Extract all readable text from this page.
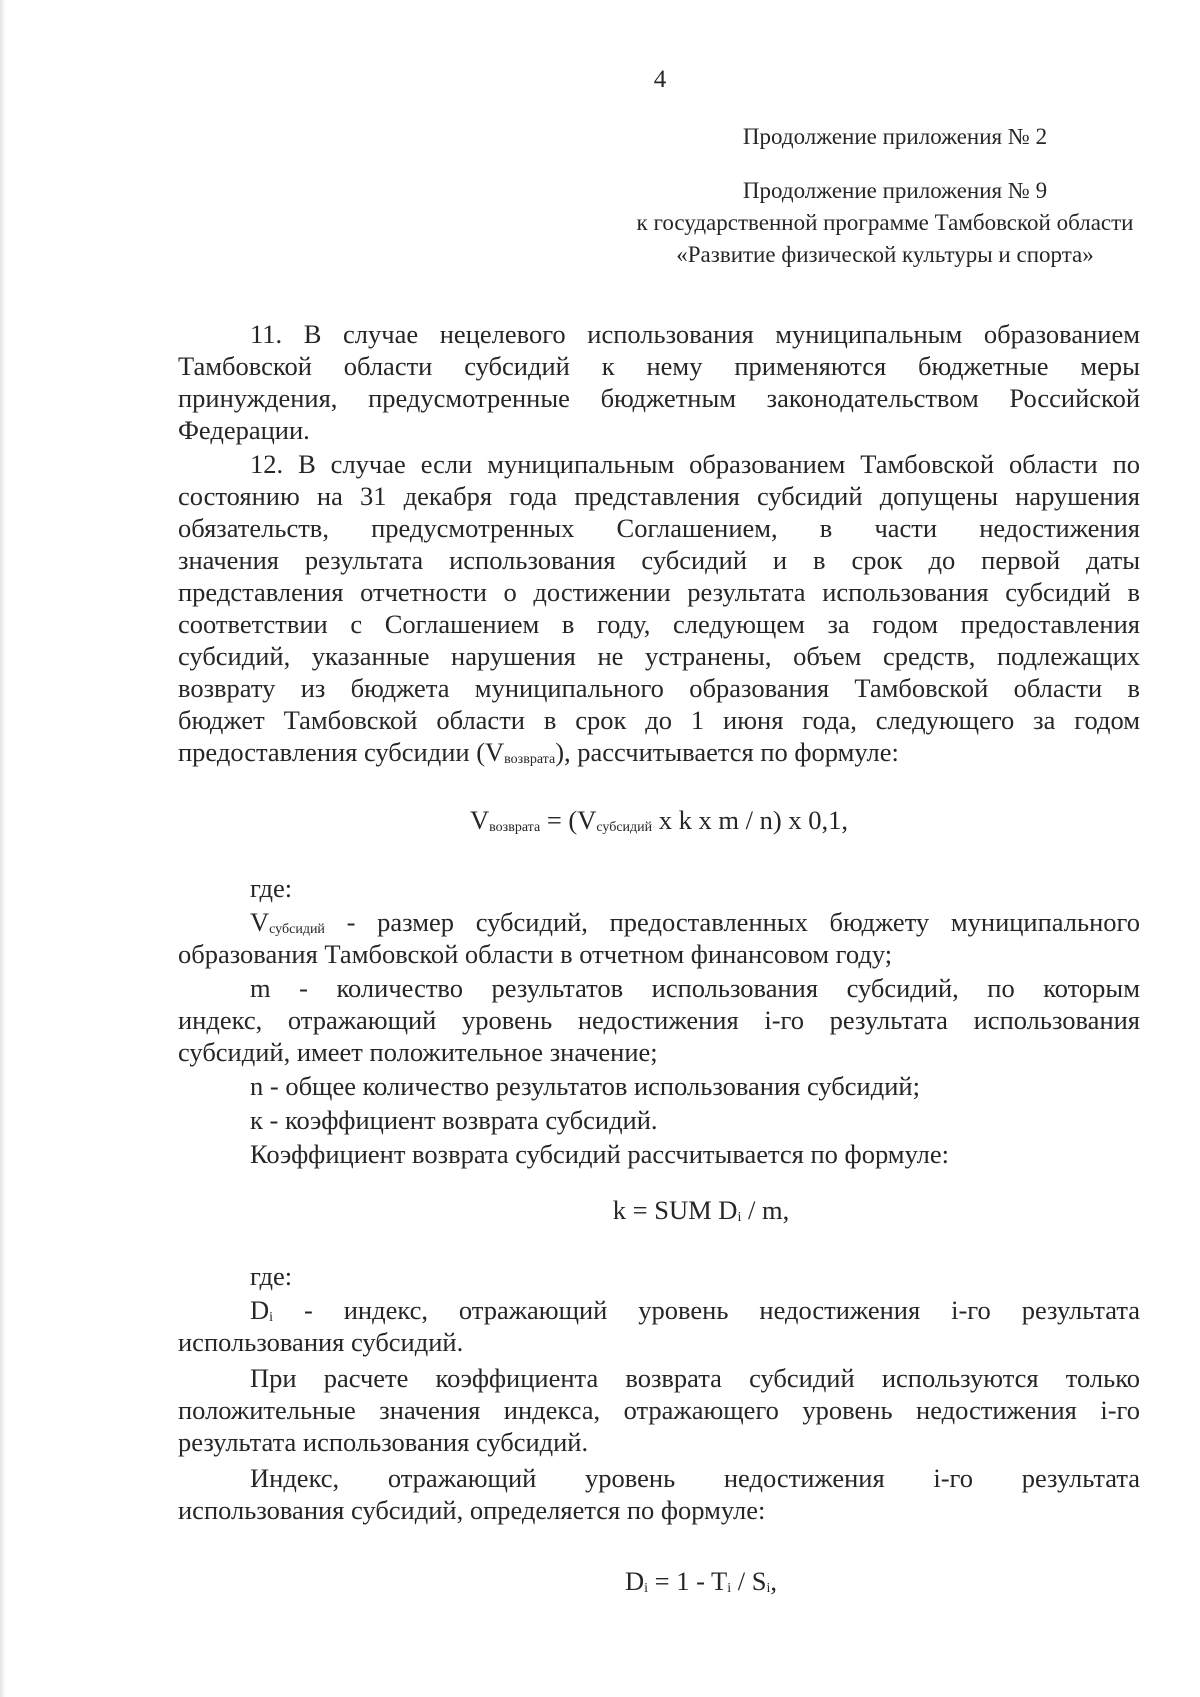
4
Продолжение приложения № 2
Продолжение приложения № 9
к государственной программе Тамбовской области
«Развитие физической культуры и спорта»
11. В случае нецелевого использования муниципальным образованием
Тамбовской области субсидий к нему применяются бюджетные меры
принуждения, предусмотренные бюджетным законодательством Российской
Федерации.
12. В случае если муниципальным образованием Тамбовской области по
состоянию на 31 декабря года представления субсидий допущены нарушения
обязательств, предусмотренных Соглашением, в части недостижения
значения результата использования субсидий и в срок до первой даты
представления отчетности о достижении результата использования субсидий в
соответствии с Соглашением в году, следующем за годом предоставления
субсидий, указанные нарушения не устранены, объем средств, подлежащих
возврату из бюджета муниципального образования Тамбовской области в
бюджет Тамбовской области в срок до 1 июня года, следующего за годом
предоставления субсидии $(V_{возврата})$, рассчитывается по формуле:
$V_{возврата} = (V_{субсидий}$ x k x m / n) x 0,1,
где:
$V_{субсидий}$ - размер субсидий, предоставленных бюджету муниципального
образования Тамбовской области в отчетном финансовом году;
m - количество результатов использования субсидий, по которым
индекс, отражающий уровень недостижения i-го результата использования
субсидий, имеет положительное значение;
n - общее количество результатов использования субсидий;
к - коэффициент возврата субсидий.
Коэффициент возврата субсидий рассчитывается по формуле:
k = SUM $D_i$ / m,
где:
$D_i$ - индекс, отражающий уровень недостижения i-го результата
использования субсидий.
При расчете коэффициента возврата субсидий используются только
положительные значения индекса, отражающего уровень недостижения i-го
результата использования субсидий.
Индекс, отражающий уровень недостижения i-го результата
использования субсидий, определяется по формуле:
$D_i = 1 - T_i / S_i$,
